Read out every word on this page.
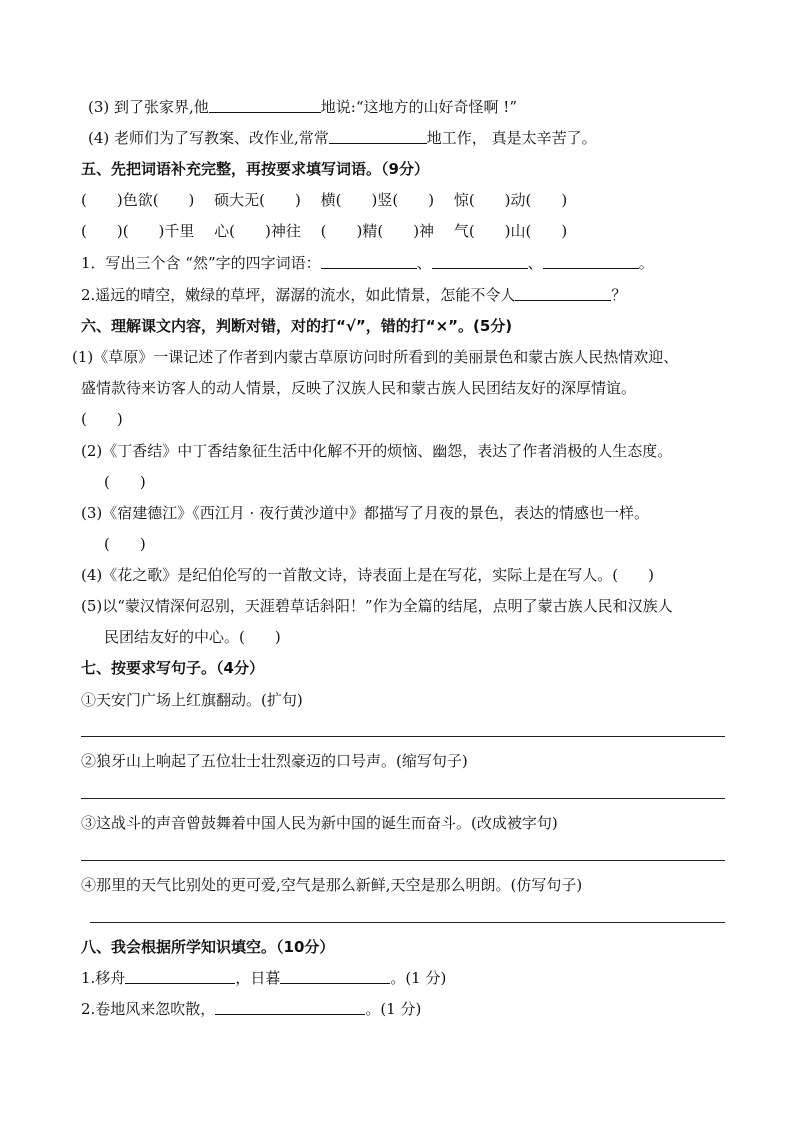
(3) 到了张家界,他	地说:“这地方的山好奇怪啊 !”
(4) 老师们为了写教案、改作业,常常	地工作， 真是太辛苦了。
五、先把词语补充完整，再按要求填写词语。（9分）
(　　)色欲(　　)　 硕大无(　　)　 横(　　)竖(　　)　 惊(　　)动(　　)
(　　)(　　)千里　 心(　　)神往　 (　　)精(　　)神　 气(　　)山(　　)
1．写出三个含 “然”字的四字词语：	、	、	。
2.遥远的晴空，嫩绿的草坪，潺潺的流水，如此情景，怎能不令人	？
六、理解课文内容，判断对错，对的打“√”，错的打“×”。(5分)
(1)《草原》一课记述了作者到内蒙古草原访问时所看到的美丽景色和蒙古族人民热情欢迎、
盛情款待来访客人的动人情景，反映了汉族人民和蒙古族人民团结友好的深厚情谊。
(　　)
(2)《丁香结》中丁香结象征生活中化解不开的烦恼、幽怨，表达了作者消极的人生态度。
(　　)
(3)《宿建德江》《西江月 · 夜行黄沙道中》都描写了月夜的景色，表达的情感也一样。
(　　)
(4)《花之歌》是纪伯伦写的一首散文诗，诗表面上是在写花，实际上是在写人。(　　)
(5)以“蒙汉情深何忍别，天涯碧草话斜阳！”作为全篇的结尾，点明了蒙古族人民和汉族人
民团结友好的中心。(　　)
七、按要求写句子。（4分）
①天安门广场上红旗翻动。(扩句)
②狼牙山上响起了五位壮士壮烈豪迈的口号声。(缩写句子)
③这战斗的声音曾鼓舞着中国人民为新中国的诞生而奋斗。(改成被字句)
④那里的天气比别处的更可爱,空气是那么新鲜,天空是那么明朗。(仿写句子)
八、我会根据所学知识填空。（10分）
1.移舟	，日暮	。(1 分)
2.卷地风来忽吹散，	。(1 分)
